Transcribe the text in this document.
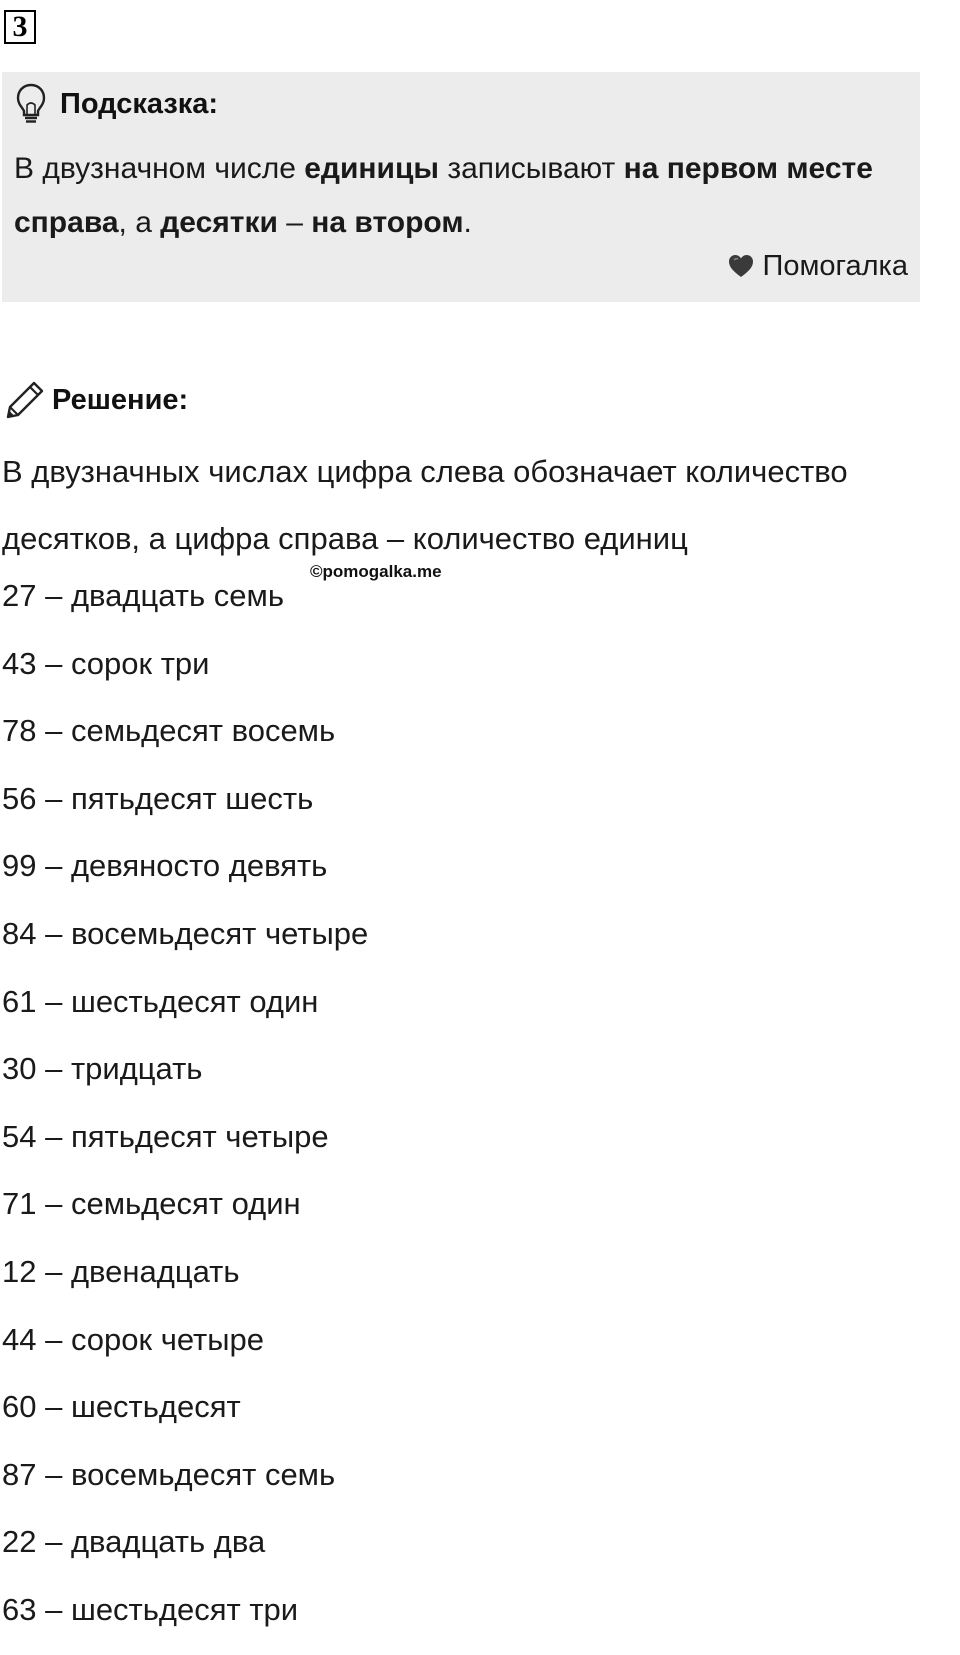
3
Подсказка:
В двузначном числе единицы записывают на первом месте справа, а десятки – на втором.
Помогалка
Решение:
В двузначных числах цифра слева обозначает количество десятков, а цифра справа – количество единиц
©pomogalka.me
27 – двадцать семь
43 – сорок три
78 – семьдесят восемь
56 – пятьдесят шесть
99 – девяносто девять
84 – восемьдесят четыре
61 – шестьдесят один
30 – тридцать
54 – пятьдесят четыре
71 – семьдесят один
12 – двенадцать
44 – сорок четыре
60 – шестьдесят
87 – восемьдесят семь
22 – двадцать два
63 – шестьдесят три
